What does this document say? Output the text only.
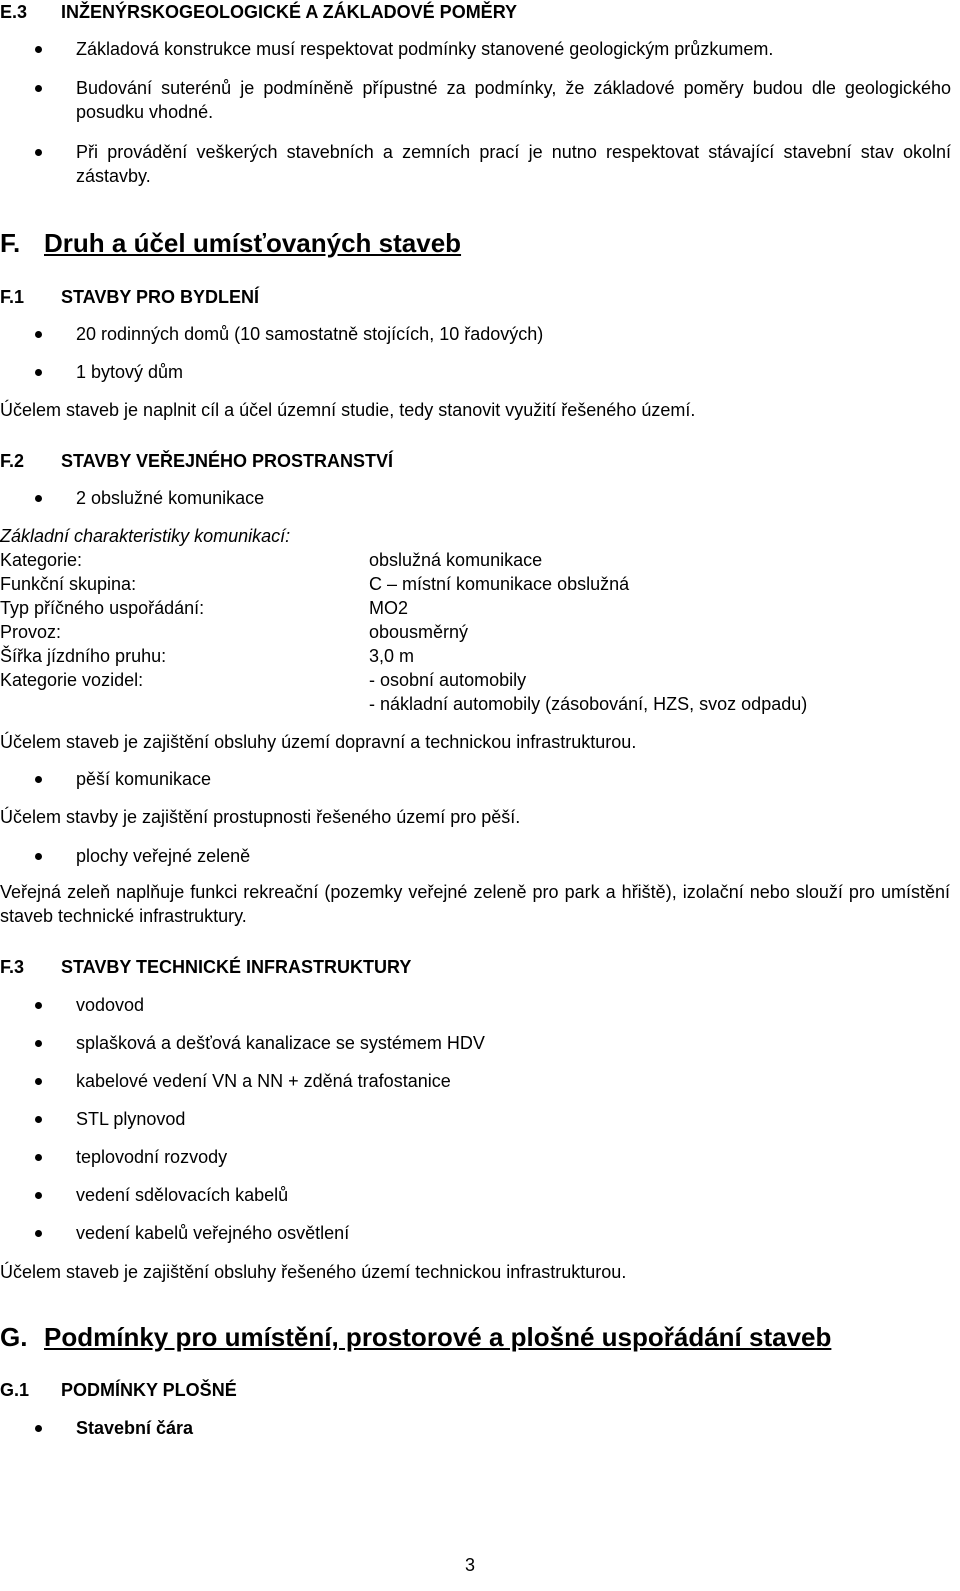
E.3 INŽENÝRSKOGEOLOGICKÉ A ZÁKLADOVÉ POMĚRY
Základová konstrukce musí respektovat podmínky stanovené geologickým průzkumem.
Budování suterénů je podmíněně přípustné za podmínky, že základové poměry budou dle geologického posudku vhodné.
Při provádění veškerých stavebních a zemních prací je nutno respektovat stávající stavební stav okolní zástavby.
F. Druh a účel umísťovaných staveb
F.1 STAVBY PRO BYDLENÍ
20 rodinných domů (10 samostatně stojících, 10 řadových)
1 bytový dům
Účelem staveb je naplnit cíl a účel územní studie, tedy stanovit využití řešeného území.
F.2 STAVBY VEŘEJNÉHO PROSTRANSTVÍ
2 obslužné komunikace
Základní charakteristiky komunikací:
Kategorie:	obslužná komunikace
Funkční skupina:	C – místní komunikace obslužná
Typ příčného uspořádání:	MO2
Provoz:	obousměrný
Šířka jízdního pruhu:	3,0 m
Kategorie vozidel:	- osobní automobily
- nákladní automobily (zásobování, HZS, svoz odpadu)
Účelem staveb je zajištění obsluhy území dopravní a technickou infrastrukturou.
pěší komunikace
Účelem stavby je zajištění prostupnosti řešeného území pro pěší.
plochy veřejné zeleně
Veřejná zeleň naplňuje funkci rekreační (pozemky veřejné zeleně pro park a hřiště), izolační nebo slouží pro umístění staveb technické infrastruktury.
F.3 STAVBY TECHNICKÉ INFRASTRUKTURY
vodovod
splašková a dešťová kanalizace se systémem HDV
kabelové vedení VN a NN + zděná trafostanice
STL plynovod
teplovodní rozvody
vedení sdělovacích kabelů
vedení kabelů veřejného osvětlení
Účelem staveb je zajištění obsluhy řešeného území technickou infrastrukturou.
G. Podmínky pro umístění, prostorové a plošné uspořádání staveb
G.1 PODMÍNKY PLOŠNÉ
Stavební čára
3
